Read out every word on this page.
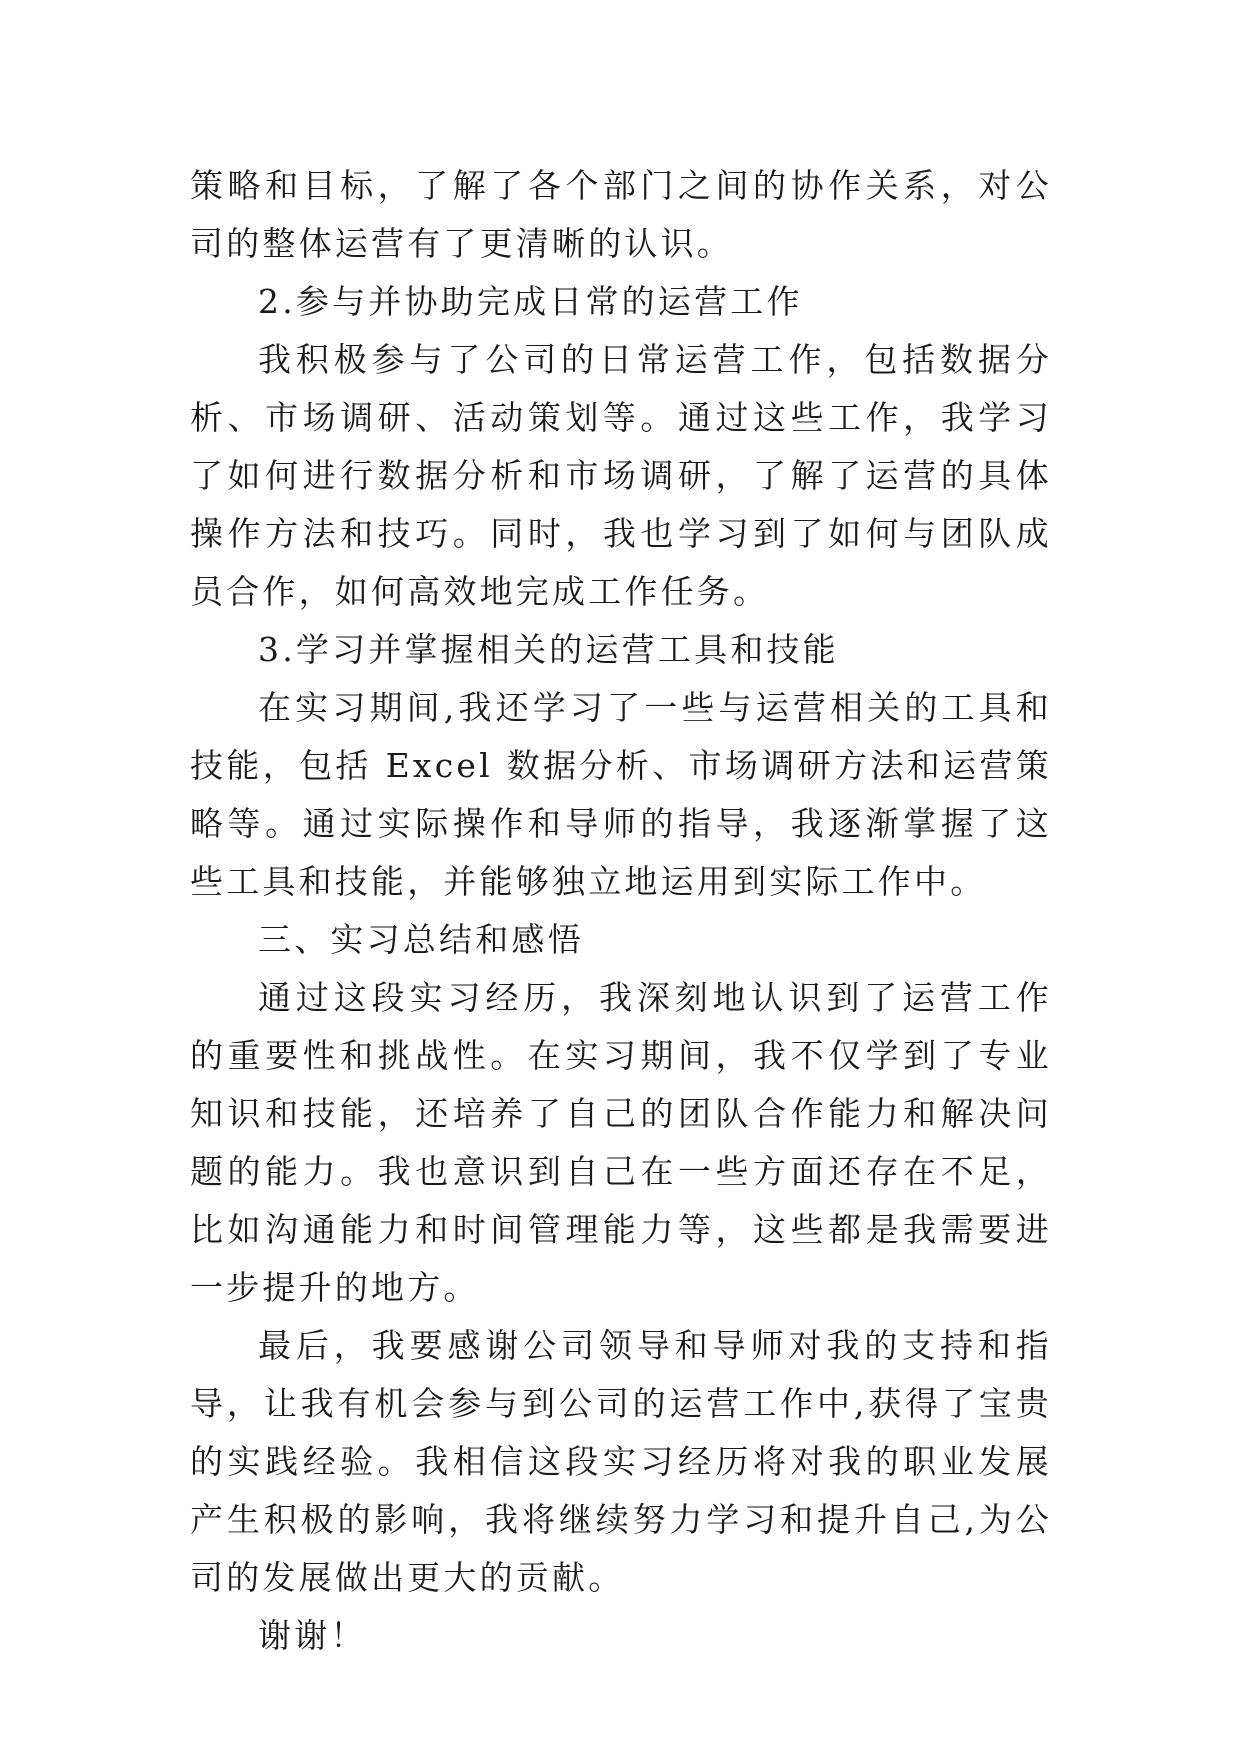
策略和目标，了解了各个部门之间的协作关系，对公司的整体运营有了更清晰的认识。

2.参与并协助完成日常的运营工作

我积极参与了公司的日常运营工作，包括数据分析、市场调研、活动策划等。通过这些工作，我学习了如何进行数据分析和市场调研，了解了运营的具体操作方法和技巧。同时，我也学习到了如何与团队成员合作，如何高效地完成工作任务。

3.学习并掌握相关的运营工具和技能

在实习期间,我还学习了一些与运营相关的工具和技能，包括 Excel 数据分析、市场调研方法和运营策略等。通过实际操作和导师的指导，我逐渐掌握了这些工具和技能，并能够独立地运用到实际工作中。

三、实习总结和感悟

通过这段实习经历，我深刻地认识到了运营工作的重要性和挑战性。在实习期间，我不仅学到了专业知识和技能，还培养了自己的团队合作能力和解决问题的能力。我也意识到自己在一些方面还存在不足，比如沟通能力和时间管理能力等，这些都是我需要进一步提升的地方。

最后，我要感谢公司领导和导师对我的支持和指导，让我有机会参与到公司的运营工作中,获得了宝贵的实践经验。我相信这段实习经历将对我的职业发展产生积极的影响，我将继续努力学习和提升自己,为公司的发展做出更大的贡献。

谢谢！
